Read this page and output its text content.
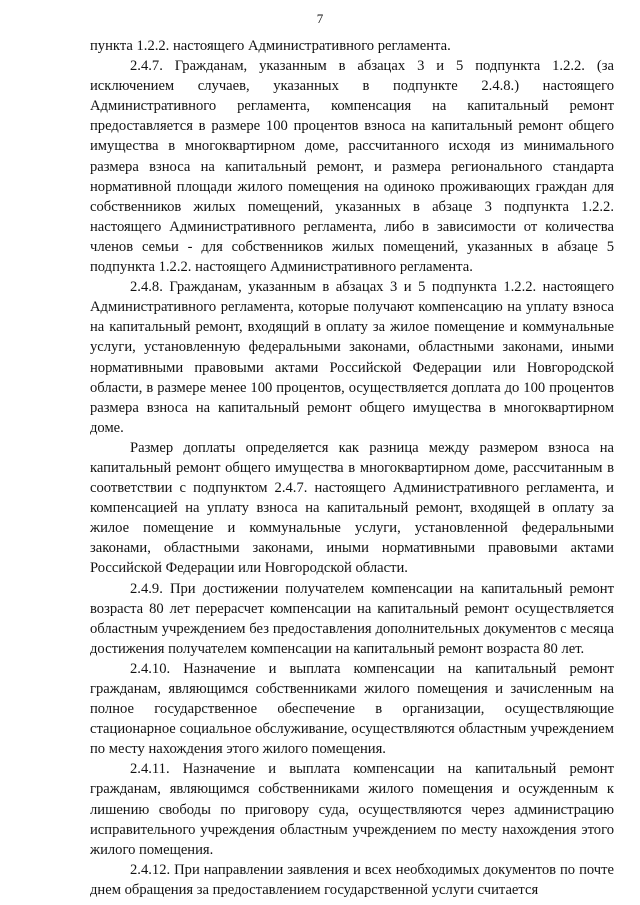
7

пункта 1.2.2. настоящего Административного регламента.

2.4.7. Гражданам, указанным в абзацах 3 и 5 подпункта 1.2.2. (за исключением случаев, указанных в подпункте 2.4.8.) настоящего Административного регламента, компенсация на капитальный ремонт предоставляется в размере 100 процентов взноса на капитальный ремонт общего имущества в многоквартирном доме, рассчитанного исходя из минимального размера взноса на капитальный ремонт, и размера регионального стандарта нормативной площади жилого помещения на одиноко проживающих граждан для собственников жилых помещений, указанных в абзаце 3 подпункта 1.2.2. настоящего Административного регламента, либо в зависимости от количества членов семьи - для собственников жилых помещений, указанных в абзаце 5 подпункта 1.2.2. настоящего Административного регламента.

2.4.8. Гражданам, указанным в абзацах 3 и 5 подпункта 1.2.2. настоящего Административного регламента, которые получают компенсацию на уплату взноса на капитальный ремонт, входящий в оплату за жилое помещение и коммунальные услуги, установленную федеральными законами, областными законами, иными нормативными правовыми актами Российской Федерации или Новгородской области, в размере менее 100 процентов, осуществляется доплата до 100 процентов размера взноса на капитальный ремонт общего имущества в многоквартирном доме.

Размер доплаты определяется как разница между размером взноса на капитальный ремонт общего имущества в многоквартирном доме, рассчитанным в соответствии с подпунктом 2.4.7. настоящего Административного регламента, и компенсацией на уплату взноса на капитальный ремонт, входящей в оплату за жилое помещение и коммунальные услуги, установленной федеральными законами, областными законами, иными нормативными правовыми актами Российской Федерации или Новгородской области.

2.4.9. При достижении получателем компенсации на капитальный ремонт возраста 80 лет перерасчет компенсации на капитальный ремонт осуществляется областным учреждением без предоставления дополнительных документов с месяца достижения получателем компенсации на капитальный ремонт возраста 80 лет.

2.4.10. Назначение и выплата компенсации на капитальный ремонт гражданам, являющимся собственниками жилого помещения и зачисленным на полное государственное обеспечение в организации, осуществляющие стационарное социальное обслуживание, осуществляются областным учреждением по месту нахождения этого жилого помещения.

2.4.11. Назначение и выплата компенсации на капитальный ремонт гражданам, являющимся собственниками жилого помещения и осужденным к лишению свободы по приговору суда, осуществляются через администрацию исправительного учреждения областным учреждением по месту нахождения этого жилого помещения.

2.4.12. При направлении заявления и всех необходимых документов по почте днем обращения за предоставлением государственной услуги считается
